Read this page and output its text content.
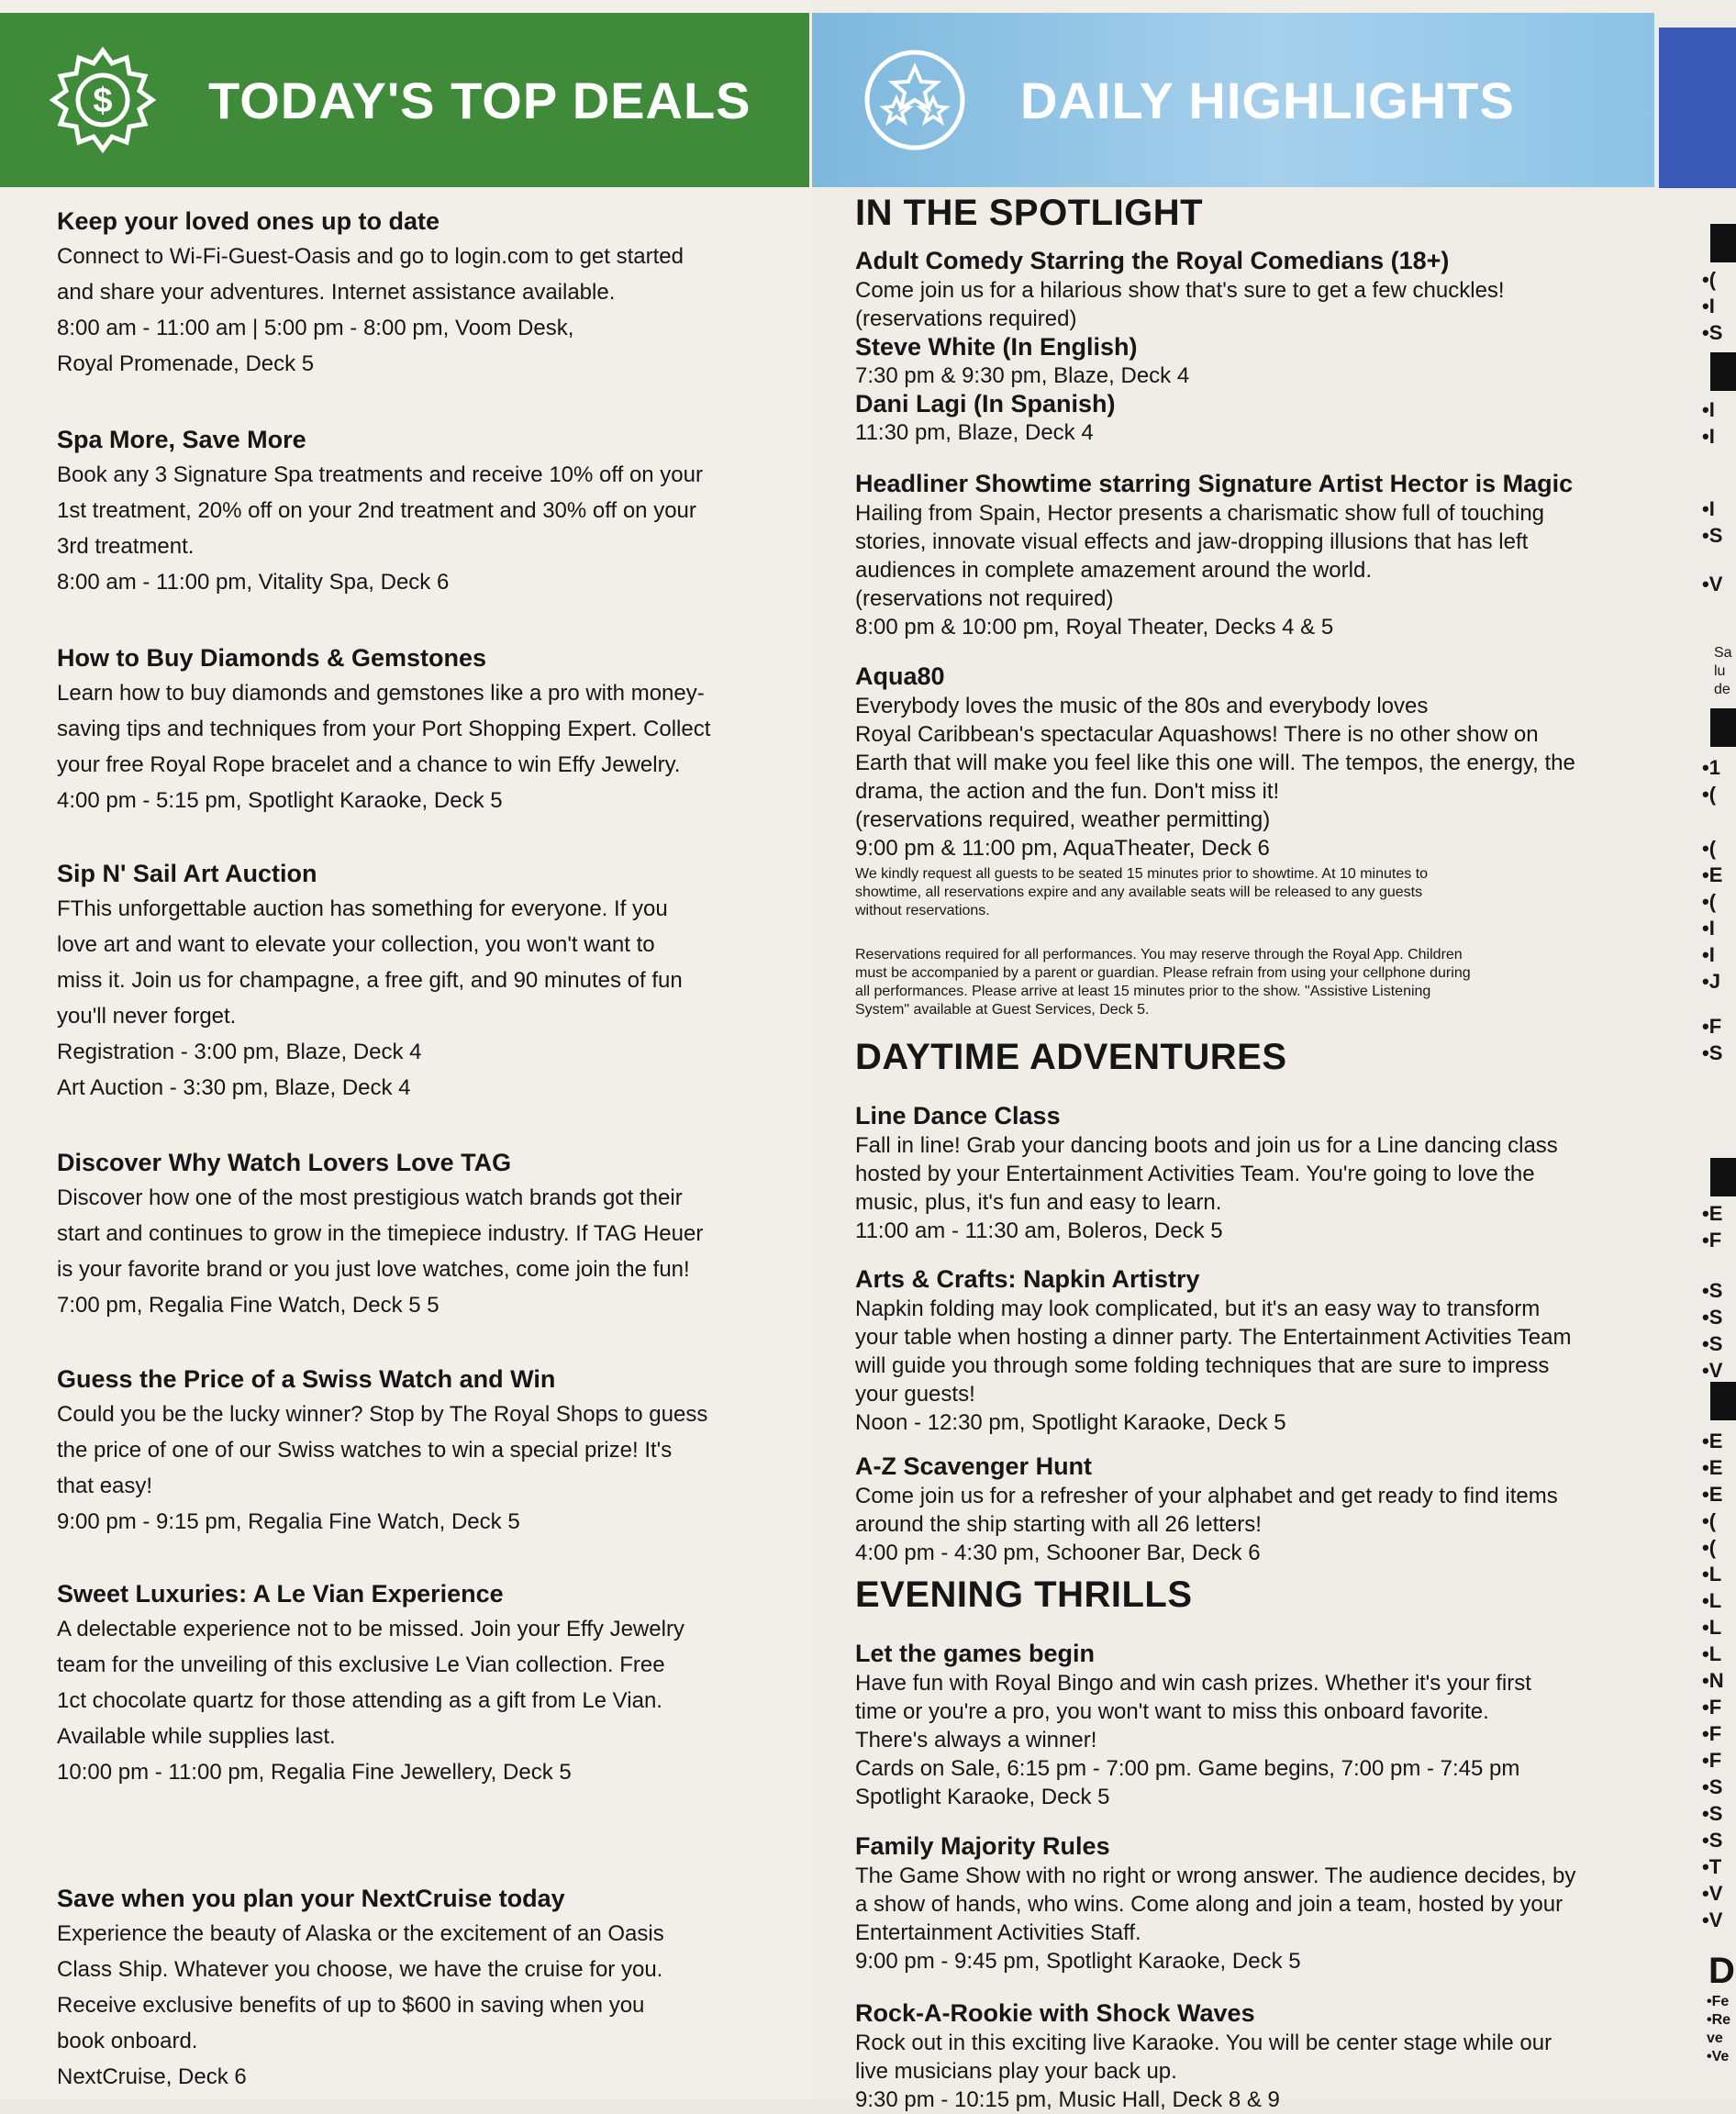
$ TODAY'S TOP DEALS	DAILY HIGHLIGHTS
Keep your loved ones up to date

Connect to Wi-Fi-Guest-Oasis and go to login.com to get started

and share your adventures. Internet assistance available.

8:00 am - 11:00 am | 5:00 pm - 8:00 pm, Voom Desk,

Royal Promenade, Deck 5

Spa More, Save More

Book any 3 Signature Spa treatments and receive 10% off on your

1st treatment, 20% off on your 2nd treatment and 30% off on your

3rd treatment.

8:00 am - 11:00 pm, Vitality Spa, Deck 6

How to Buy Diamonds & Gemstones

Learn how to buy diamonds and gemstones like a pro with money-

saving tips and techniques from your Port Shopping Expert. Collect

your free Royal Rope bracelet and a chance to win Effy Jewelry.

4:00 pm - 5:15 pm, Spotlight Karaoke, Deck 5

Sip N' Sail Art Auction

FThis unforgettable auction has something for everyone. If you

love art and want to elevate your collection, you won't want to

miss it. Join us for champagne, a free gift, and 90 minutes of fun

you'll never forget.

Registration - 3:00 pm, Blaze, Deck 4

Art Auction - 3:30 pm, Blaze, Deck 4

Discover Why Watch Lovers Love TAG

Discover how one of the most prestigious watch brands got their

start and continues to grow in the timepiece industry. If TAG Heuer

is your favorite brand or you just love watches, come join the fun!

7:00 pm, Regalia Fine Watch, Deck 5 5

Guess the Price of a Swiss Watch and Win

Could you be the lucky winner? Stop by The Royal Shops to guess

the price of one of our Swiss watches to win a special prize! It's

that easy!

9:00 pm - 9:15 pm, Regalia Fine Watch, Deck 5

Sweet Luxuries: A Le Vian Experience

A delectable experience not to be missed. Join your Effy Jewelry

team for the unveiling of this exclusive Le Vian collection. Free

1ct chocolate quartz for those attending as a gift from Le Vian.

Available while supplies last.

10:00 pm - 11:00 pm, Regalia Fine Jewellery, Deck 5

Save when you plan your NextCruise today

Experience the beauty of Alaska or the excitement of an Oasis

Class Ship. Whatever you choose, we have the cruise for you.

Receive exclusive benefits of up to $600 in saving when you

book onboard.

NextCruise, Deck 6

IN THE SPOTLIGHT
Adult Comedy Starring the Royal Comedians (18+)

Come join us for a hilarious show that's sure to get a few chuckles!

(reservations required)

Steve White (In English)

7:30 pm & 9:30 pm, Blaze, Deck 4

Dani Lagi (In Spanish)

11:30 pm, Blaze, Deck 4

Headliner Showtime starring Signature Artist Hector is Magic

Hailing from Spain, Hector presents a charismatic show full of touching

stories, innovate visual effects and jaw-dropping illusions that has left

audiences in complete amazement around the world.

(reservations not required)

8:00 pm & 10:00 pm, Royal Theater, Decks 4 & 5

Aqua80

Everybody loves the music of the 80s and everybody loves

Royal Caribbean's spectacular Aquashows! There is no other show on

Earth that will make you feel like this one will. The tempos, the energy, the

drama, the action and the fun. Don't miss it!

(reservations required, weather permitting)

9:00 pm & 11:00 pm, AquaTheater, Deck 6

We kindly request all guests to be seated 15 minutes prior to showtime. At 10 minutes to
showtime, all reservations expire and any available seats will be released to any guests
without reservations.
Reservations required for all performances. You may reserve through the Royal App. Children
must be accompanied by a parent or guardian. Please refrain from using your cellphone during
all performances. Please arrive at least 15 minutes prior to the show. "Assistive Listening
System" available at Guest Services, Deck 5.
DAYTIME ADVENTURES
Line Dance Class

Fall in line! Grab your dancing boots and join us for a Line dancing class

hosted by your Entertainment Activities Team. You're going to love the

music, plus, it's fun and easy to learn.

11:00 am - 11:30 am, Boleros, Deck 5

Arts & Crafts: Napkin Artistry

Napkin folding may look complicated, but it's an easy way to transform

your table when hosting a dinner party. The Entertainment Activities Team

will guide you through some folding techniques that are sure to impress

your guests!

Noon - 12:30 pm, Spotlight Karaoke, Deck 5

A-Z Scavenger Hunt

Come join us for a refresher of your alphabet and get ready to find items

around the ship starting with all 26 letters!

4:00 pm - 4:30 pm, Schooner Bar, Deck 6

EVENING THRILLS
Let the games begin

Have fun with Royal Bingo and win cash prizes. Whether it's your first

time or you're a pro, you won't want to miss this onboard favorite.

There's always a winner!

Cards on Sale, 6:15 pm - 7:00 pm. Game begins, 7:00 pm - 7:45 pm

Spotlight Karaoke, Deck 5

Family Majority Rules

The Game Show with no right or wrong answer. The audience decides, by

a show of hands, who wins. Come along and join a team, hosted by your

Entertainment Activities Staff.

9:00 pm - 9:45 pm, Spotlight Karaoke, Deck 5

Rock-A-Rookie with Shock Waves

Rock out in this exciting live Karaoke. You will be center stage while our

live musicians play your back up.

9:30 pm - 10:15 pm, Music Hall, Deck 8 & 9

•(
•I
•S
•I
•I
•I
•S
•V
Sa
lu
de
•1
•(
•(
•E
•(
•I
•I
•J
•F
•S
•E
•F
•S
•S
•S
•V
•E
•E
•E
•(
•(
•L
•L
•L
•L
•N
•F
•F
•F
•S
•S
•S
•T
•V
•V
D
•Fe
•Re
ve
•Ve
